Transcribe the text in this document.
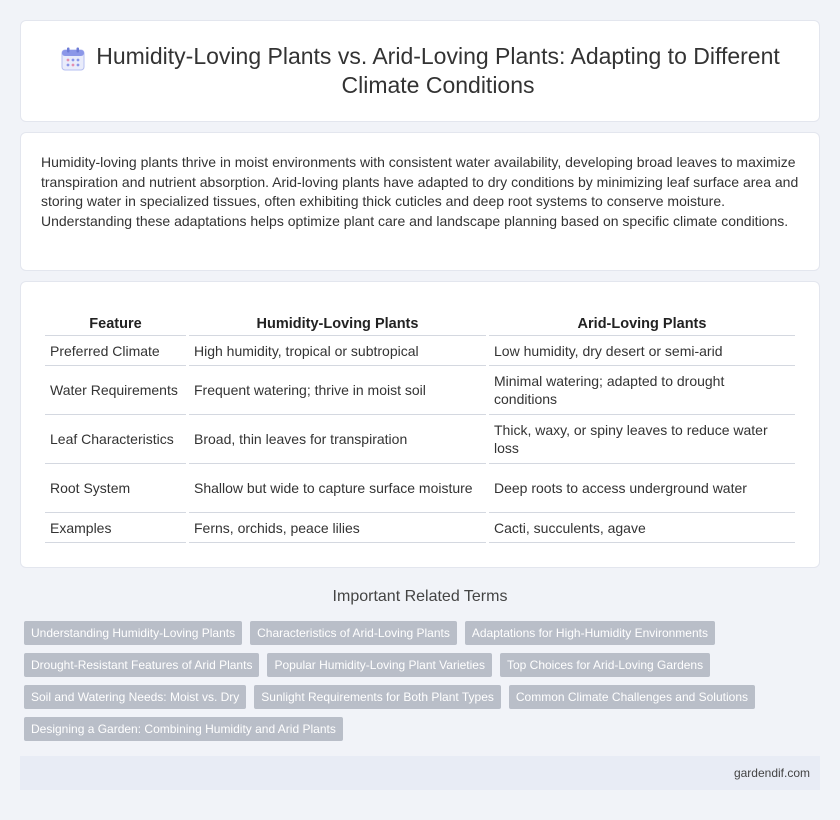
Humidity-Loving Plants vs. Arid-Loving Plants: Adapting to Different Climate Conditions

Humidity-loving plants thrive in moist environments with consistent water availability, developing broad leaves to maximize transpiration and nutrient absorption. Arid-loving plants have adapted to dry conditions by minimizing leaf surface area and storing water in specialized tissues, often exhibiting thick cuticles and deep root systems to conserve moisture. Understanding these adaptations helps optimize plant care and landscape planning based on specific climate conditions.

Feature	Humidity-Loving Plants	Arid-Loving Plants
Preferred Climate	High humidity, tropical or subtropical	Low humidity, dry desert or semi-arid
Water Requirements	Frequent watering; thrive in moist soil	Minimal watering; adapted to drought conditions
Leaf Characteristics	Broad, thin leaves for transpiration	Thick, waxy, or spiny leaves to reduce water loss
Root System	Shallow but wide to capture surface moisture	Deep roots to access underground water
Examples	Ferns, orchids, peace lilies	Cacti, succulents, agave
Important Related Terms
Understanding Humidity-Loving Plants	Characteristics of Arid-Loving Plants	Adaptations for High-Humidity Environments
Drought-Resistant Features of Arid Plants	Popular Humidity-Loving Plant Varieties	Top Choices for Arid-Loving Gardens
Soil and Watering Needs: Moist vs. Dry	Sunlight Requirements for Both Plant Types	Common Climate Challenges and Solutions
Designing a Garden: Combining Humidity and Arid Plants
gardendif.com
